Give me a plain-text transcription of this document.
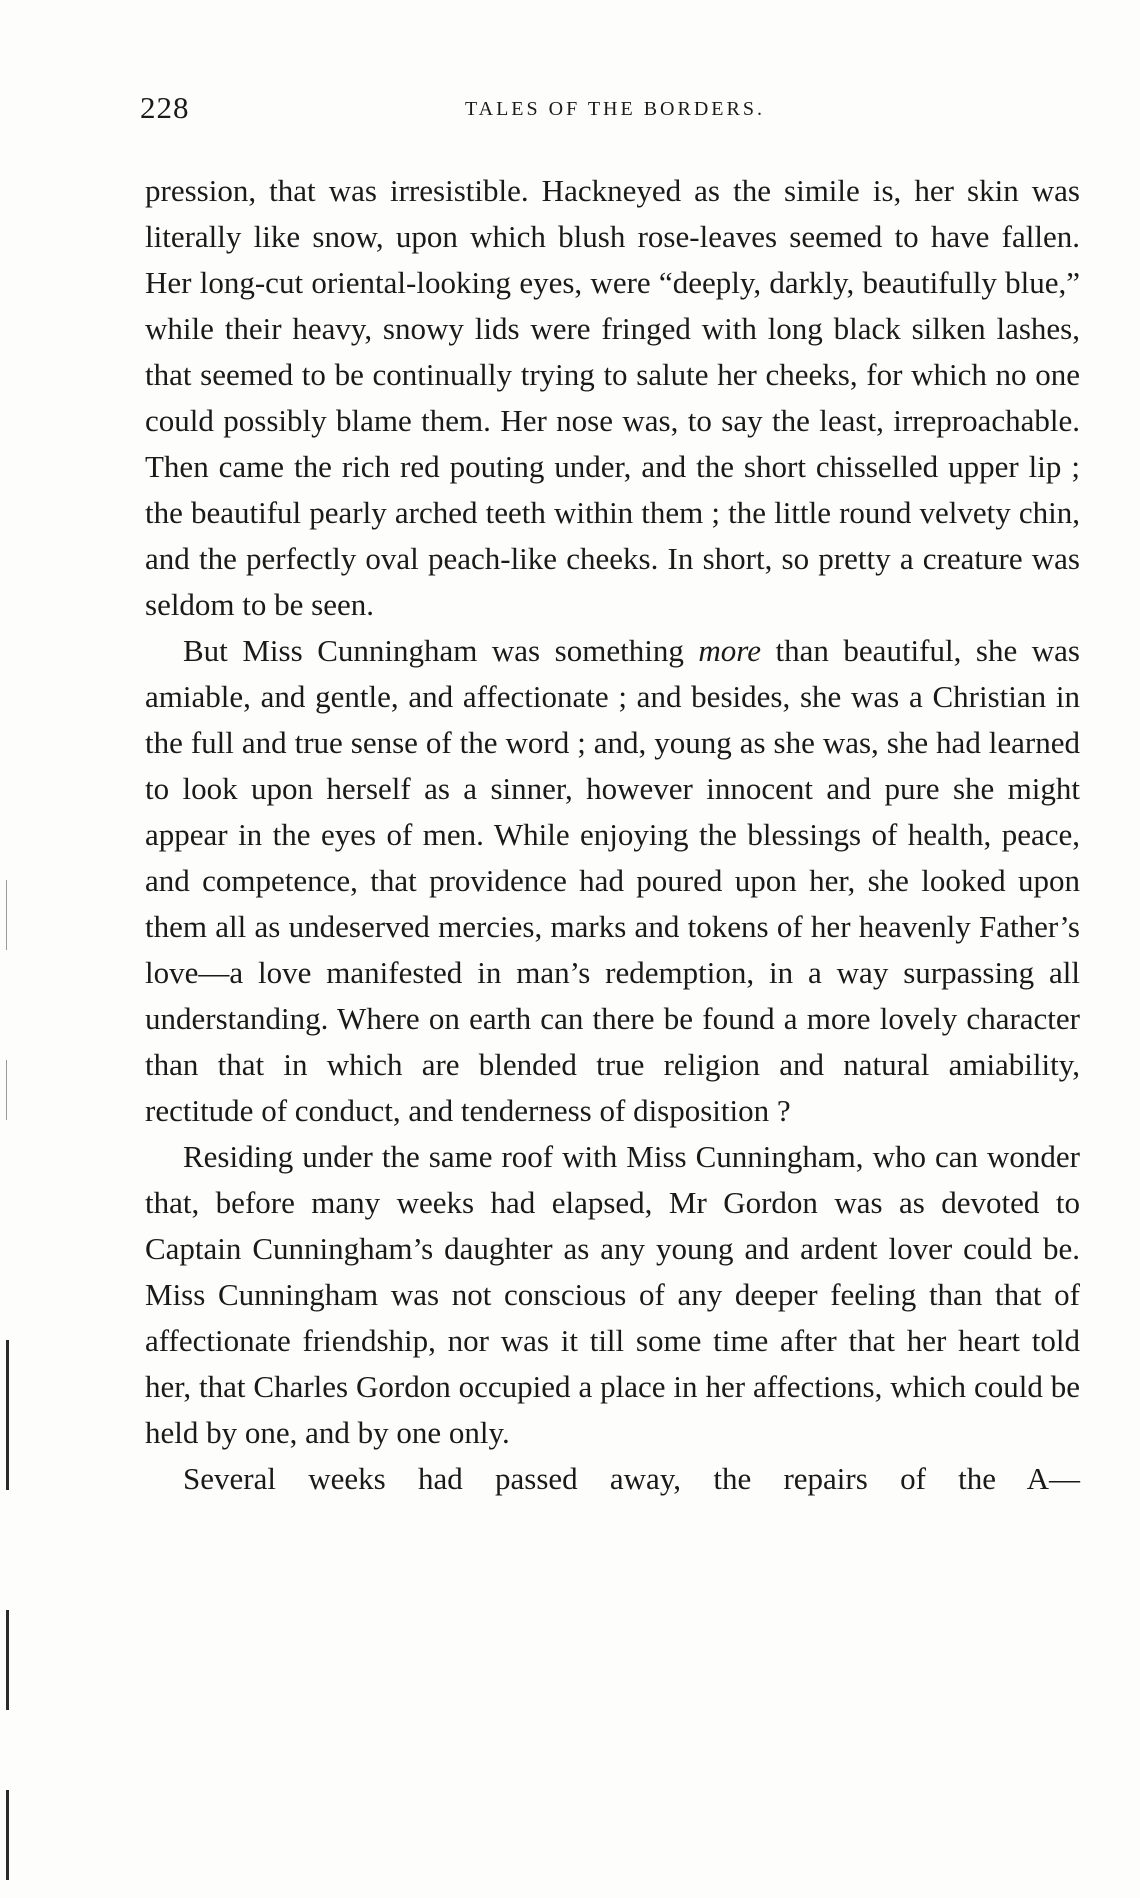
228	TALES OF THE BORDERS.

pression, that was irresistible. Hackneyed as the simile is, her skin was literally like snow, upon which blush rose-leaves seemed to have fallen. Her long-cut oriental-looking eyes, were “deeply, darkly, beautifully blue,” while their heavy, snowy lids were fringed with long black silken lashes, that seemed to be continually trying to salute her cheeks, for which no one could possibly blame them. Her nose was, to say the least, irreproachable. Then came the rich red pouting under, and the short chisselled upper lip ; the beautiful pearly arched teeth within them ; the little round velvety chin, and the perfectly oval peach-like cheeks. In short, so pretty a creature was seldom to be seen.

But Miss Cunningham was something more than beautiful, she was amiable, and gentle, and affectionate ; and besides, she was a Christian in the full and true sense of the word ; and, young as she was, she had learned to look upon herself as a sinner, however innocent and pure she might appear in the eyes of men. While enjoying the blessings of health, peace, and competence, that providence had poured upon her, she looked upon them all as undeserved mercies, marks and tokens of her heavenly Father’s love—a love manifested in man’s redemption, in a way surpassing all understanding. Where on earth can there be found a more lovely character than that in which are blended true religion and natural amiability, rectitude of conduct, and tenderness of disposition ?

Residing under the same roof with Miss Cunningham, who can wonder that, before many weeks had elapsed, Mr Gordon was as devoted to Captain Cunningham’s daughter as any young and ardent lover could be. Miss Cunningham was not conscious of any deeper feeling than that of affectionate friendship, nor was it till some time after that her heart told her, that Charles Gordon occupied a place in her affections, which could be held by one, and by one only.

Several weeks had passed away, the repairs of the A—
